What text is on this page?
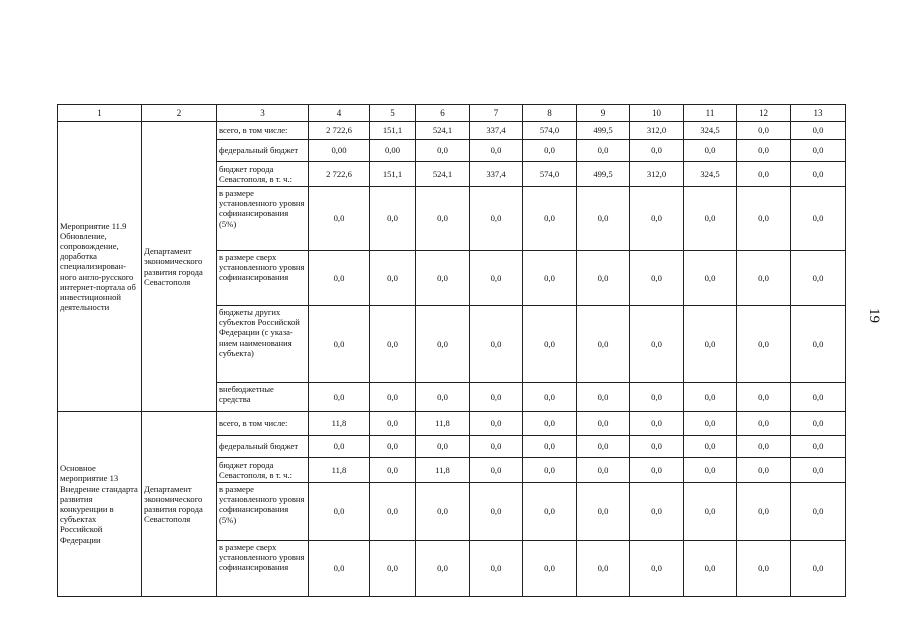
1	2	3	4	5	6	7	8	9	10	11	12	13
Мероприятие 11.9 Обновление, сопровождение, доработка специализирован-ного англо-русского интернет-портала об инвестиционной деятельности	Департамент экономического развития города Севастополя	всего, в том числе:	2 722,6	151,1	524,1	337,4	574,0	499,5	312,0	324,5	0,0	0,0
		федеральный бюджет	0,00	0,00	0,0	0,0	0,0	0,0	0,0	0,0	0,0	0,0
		бюджет города Севастополя, в т. ч.:	2 722,6	151,1	524,1	337,4	574,0	499,5	312,0	324,5	0,0	0,0
		в размере установленного уровня софинансирования (5%)	0,0	0,0	0,0	0,0	0,0	0,0	0,0	0,0	0,0	0,0
		в размере сверх установленного уровня софинансирования	0,0	0,0	0,0	0,0	0,0	0,0	0,0	0,0	0,0	0,0
		бюджеты других субъектов Российской Федерации (с указа-нием наименования субъекта)	0,0	0,0	0,0	0,0	0,0	0,0	0,0	0,0	0,0	0,0
		внебюджетные средства	0,0	0,0	0,0	0,0	0,0	0,0	0,0	0,0	0,0	0,0
Основное мероприятие 13 Внедрение стандарта развития конкуренции в субъектах Российской Федерации	Департамент экономического развития города Севастополя	всего, в том числе:	11,8	0,0	11,8	0,0	0,0	0,0	0,0	0,0	0,0	0,0
		федеральный бюджет	0,0	0,0	0,0	0,0	0,0	0,0	0,0	0,0	0,0	0,0
		бюджет города Севастополя, в т. ч.:	11,8	0,0	11,8	0,0	0,0	0,0	0,0	0,0	0,0	0,0
		в размере установленного уровня софинансирования (5%)	0,0	0,0	0,0	0,0	0,0	0,0	0,0	0,0	0,0	0,0
		в размере сверх установленного уровня софинансирования	0,0	0,0	0,0	0,0	0,0	0,0	0,0	0,0	0,0	0,0
19
